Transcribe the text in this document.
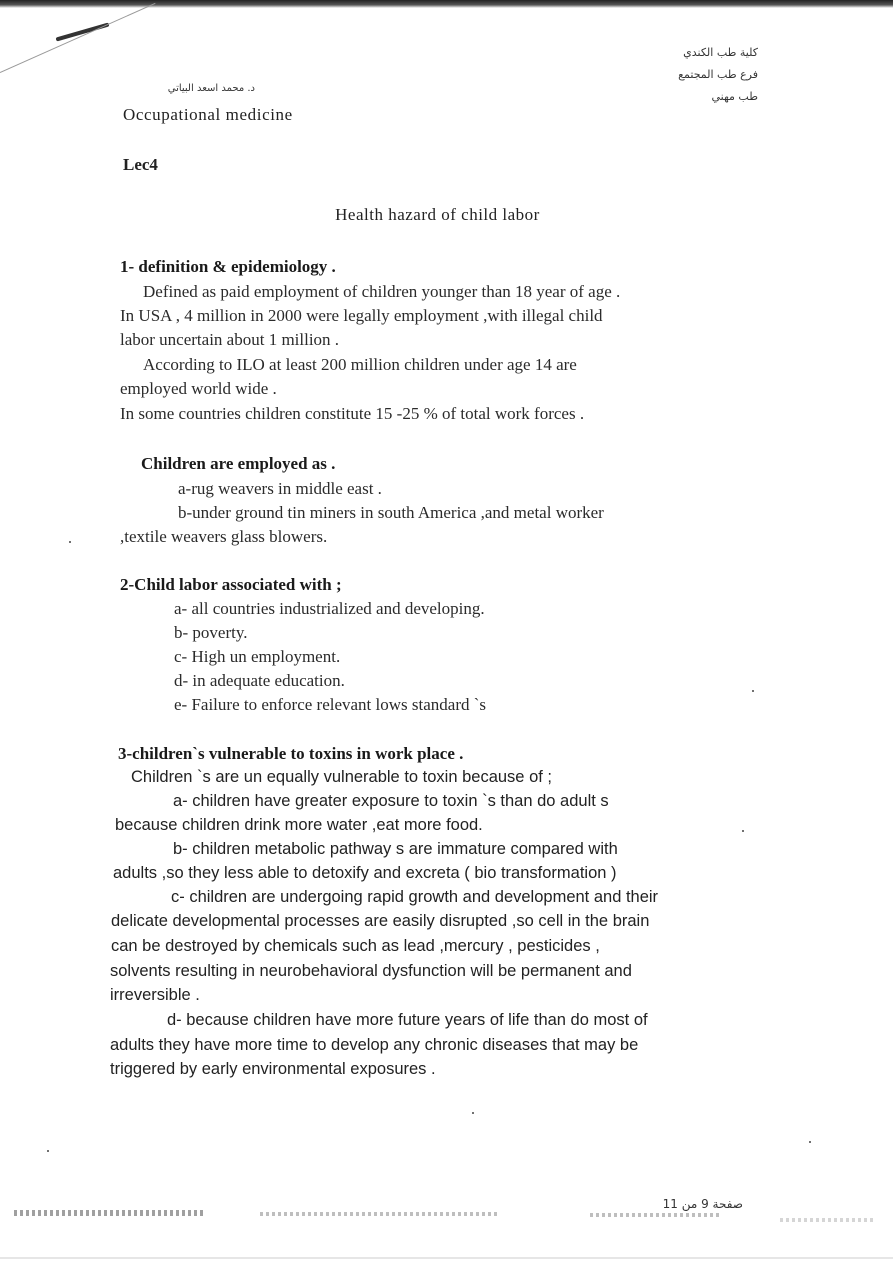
كلية طب الكندي
فرع طب المجتمع
طب مهني
د. محمد اسعد البياتي
Occupational medicine
Lec4
Health hazard of child labor
1- definition & epidemiology .
Defined as paid employment of children younger than 18 year of age .
In USA , 4 million in 2000 were legally employment ,with illegal child
labor uncertain about 1 million .
According to ILO at least 200 million children under age 14 are
employed world wide .
In some countries children constitute 15 -25 % of total work forces .
Children are employed as .
a-rug weavers in middle east .
b-under ground tin miners in south America ,and metal worker
,textile weavers glass blowers.
2-Child labor associated with ;
a- all countries industrialized and developing.
b- poverty.
c- High un employment.
d- in adequate education.
e- Failure to enforce relevant lows standard `s
3-children`s vulnerable to toxins in work place .
Children `s are un equally vulnerable to toxin because of ;
a- children have greater exposure to toxin `s than do adult s
because children drink more water ,eat more food.
b- children metabolic pathway s are immature compared with
adults ,so they less able to detoxify and excreta ( bio transformation )
c- children are undergoing rapid growth and development and their
delicate developmental processes are easily disrupted ,so cell in the brain
can be destroyed by chemicals such as lead ,mercury , pesticides ,
solvents resulting in neurobehavioral dysfunction will be permanent and
irreversible .
d- because children have more future years of life than do most of
adults they have more time to develop any chronic diseases that may be
triggered by early environmental exposures .
صفحة 9 من 11
